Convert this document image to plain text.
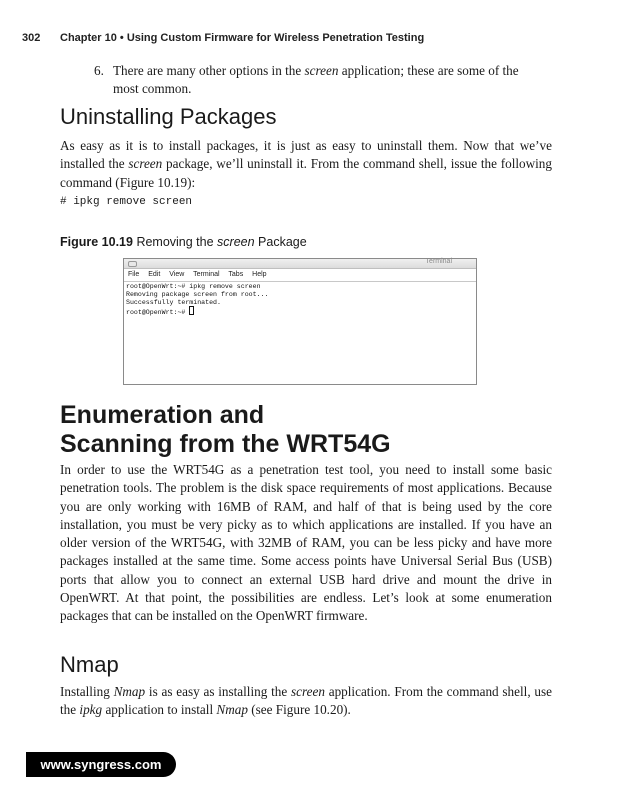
302 Chapter 10 • Using Custom Firmware for Wireless Penetration Testing
6. There are many other options in the screen application; these are some of the most common.
Uninstalling Packages
As easy as it is to install packages, it is just as easy to uninstall them. Now that we’ve installed the screen package, we’ll uninstall it. From the command shell, issue the following command (Figure 10.19):
# ipkg remove screen
Figure 10.19 Removing the screen Package
Terminal
File Edit View Terminal Tabs Help
root@OpenWrt:~# ipkg remove screen
Removing package screen from root...
Successfully terminated.
root@OpenWrt:~#
Enumeration and
Scanning from the WRT54G
In order to use the WRT54G as a penetration test tool, you need to install some basic penetration tools. The problem is the disk space requirements of most applications. Because you are only working with 16MB of RAM, and half of that is being used by the core installation, you must be very picky as to which applications are installed. If you have an older version of the WRT54G, with 32MB of RAM, you can be less picky and have more packages installed at the same time. Some access points have Universal Serial Bus (USB) ports that allow you to connect an external USB hard drive and mount the drive in OpenWRT. At that point, the possibilities are endless. Let’s look at some enumeration packages that can be installed on the OpenWRT firmware.
Nmap
Installing Nmap is as easy as installing the screen application. From the command shell, use the ipkg application to install Nmap (see Figure 10.20).
www.syngress.com
